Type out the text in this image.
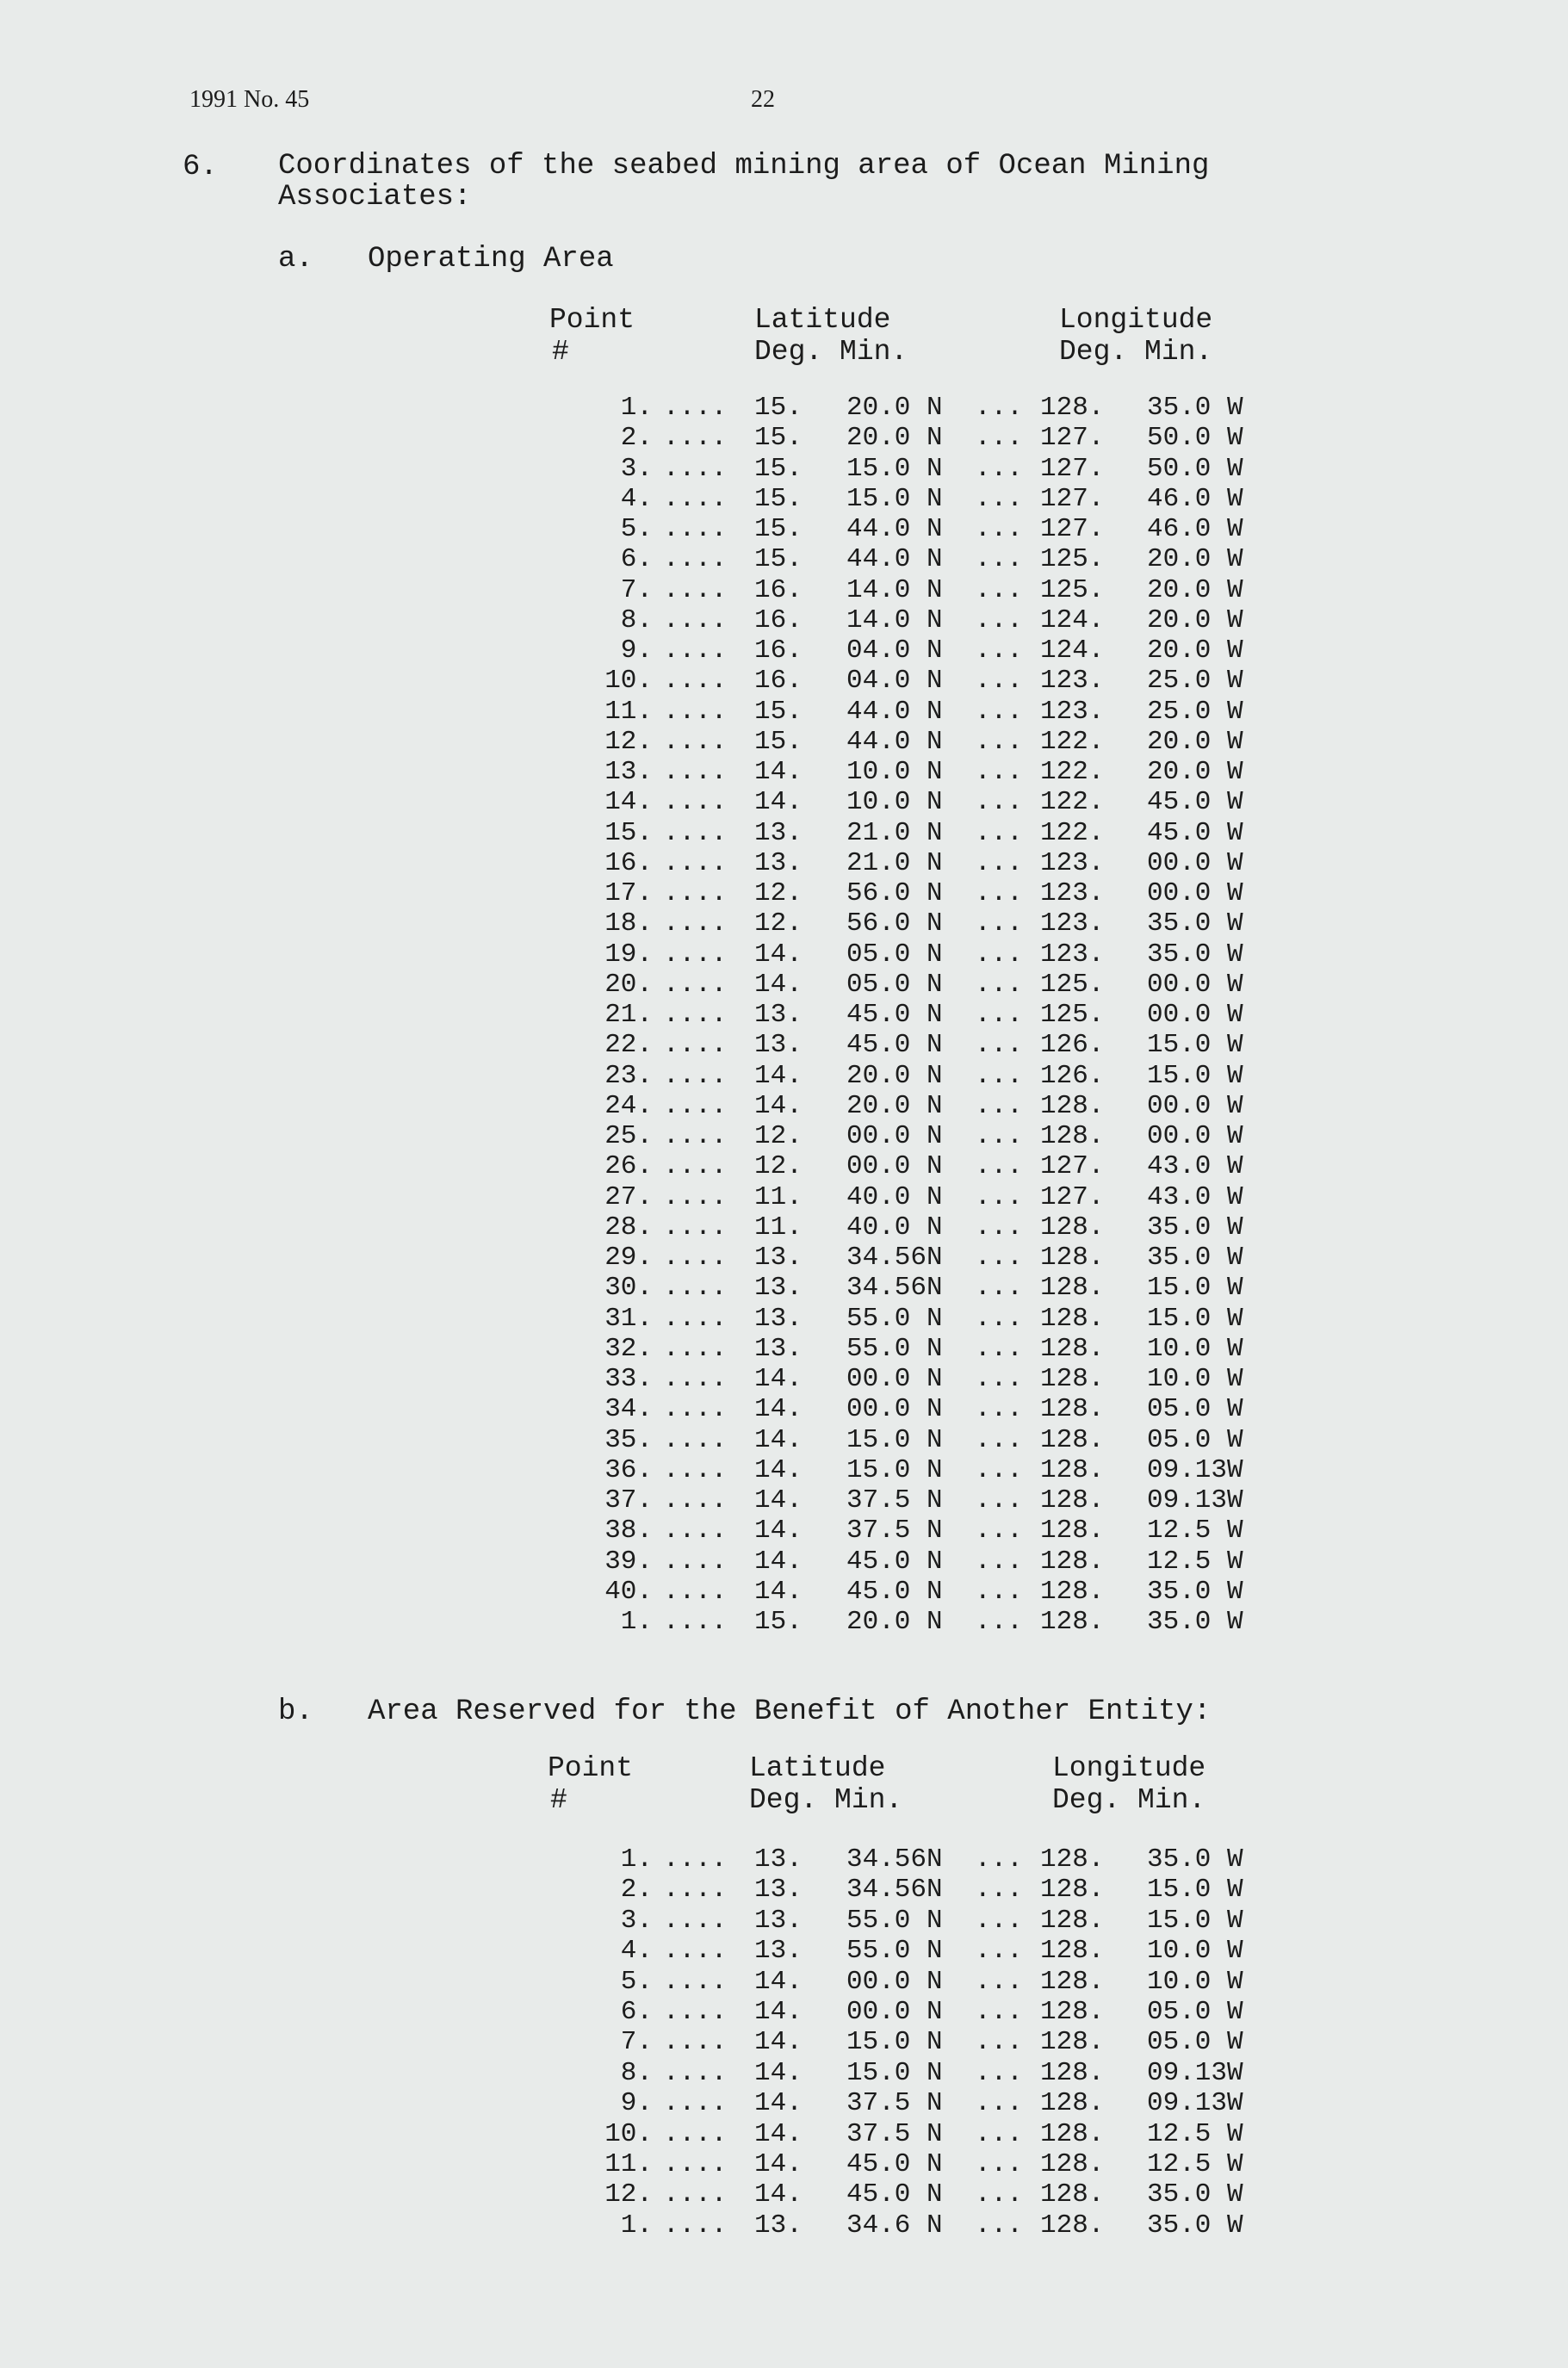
1991 No. 45	22
6. Coordinates of the seabed mining area of Ocean Mining
Associates:
a. Operating Area
Point
#
Latitude
Deg. Min.
Longitude
Deg. Min.
1. .... 15. 20.0 N ... 128. 35.0 W
2. .... 15. 20.0 N ... 127. 50.0 W
3. .... 15. 15.0 N ... 127. 50.0 W
4. .... 15. 15.0 N ... 127. 46.0 W
5. .... 15. 44.0 N ... 127. 46.0 W
6. .... 15. 44.0 N ... 125. 20.0 W
7. .... 16. 14.0 N ... 125. 20.0 W
8. .... 16. 14.0 N ... 124. 20.0 W
9. .... 16. 04.0 N ... 124. 20.0 W
10. .... 16. 04.0 N ... 123. 25.0 W
11. .... 15. 44.0 N ... 123. 25.0 W
12. .... 15. 44.0 N ... 122. 20.0 W
13. .... 14. 10.0 N ... 122. 20.0 W
14. .... 14. 10.0 N ... 122. 45.0 W
15. .... 13. 21.0 N ... 122. 45.0 W
16. .... 13. 21.0 N ... 123. 00.0 W
17. .... 12. 56.0 N ... 123. 00.0 W
18. .... 12. 56.0 N ... 123. 35.0 W
19. .... 14. 05.0 N ... 123. 35.0 W
20. .... 14. 05.0 N ... 125. 00.0 W
21. .... 13. 45.0 N ... 125. 00.0 W
22. .... 13. 45.0 N ... 126. 15.0 W
23. .... 14. 20.0 N ... 126. 15.0 W
24. .... 14. 20.0 N ... 128. 00.0 W
25. .... 12. 00.0 N ... 128. 00.0 W
26. .... 12. 00.0 N ... 127. 43.0 W
27. .... 11. 40.0 N ... 127. 43.0 W
28. .... 11. 40.0 N ... 128. 35.0 W
29. .... 13. 34.56N ... 128. 35.0 W
30. .... 13. 34.56N ... 128. 15.0 W
31. .... 13. 55.0 N ... 128. 15.0 W
32. .... 13. 55.0 N ... 128. 10.0 W
33. .... 14. 00.0 N ... 128. 10.0 W
34. .... 14. 00.0 N ... 128. 05.0 W
35. .... 14. 15.0 N ... 128. 05.0 W
36. .... 14. 15.0 N ... 128. 09.13W
37. .... 14. 37.5 N ... 128. 09.13W
38. .... 14. 37.5 N ... 128. 12.5 W
39. .... 14. 45.0 N ... 128. 12.5 W
40. .... 14. 45.0 N ... 128. 35.0 W
1. .... 15. 20.0 N ... 128. 35.0 W
b. Area Reserved for the Benefit of Another Entity:
Point
#
Latitude
Deg. Min.
Longitude
Deg. Min.
1. .... 13. 34.56N ... 128. 35.0 W
2. .... 13. 34.56N ... 128. 15.0 W
3. .... 13. 55.0 N ... 128. 15.0 W
4. .... 13. 55.0 N ... 128. 10.0 W
5. .... 14. 00.0 N ... 128. 10.0 W
6. .... 14. 00.0 N ... 128. 05.0 W
7. .... 14. 15.0 N ... 128. 05.0 W
8. .... 14. 15.0 N ... 128. 09.13W
9. .... 14. 37.5 N ... 128. 09.13W
10. .... 14. 37.5 N ... 128. 12.5 W
11. .... 14. 45.0 N ... 128. 12.5 W
12. .... 14. 45.0 N ... 128. 35.0 W
1. .... 13. 34.6 N ... 128. 35.0 W
